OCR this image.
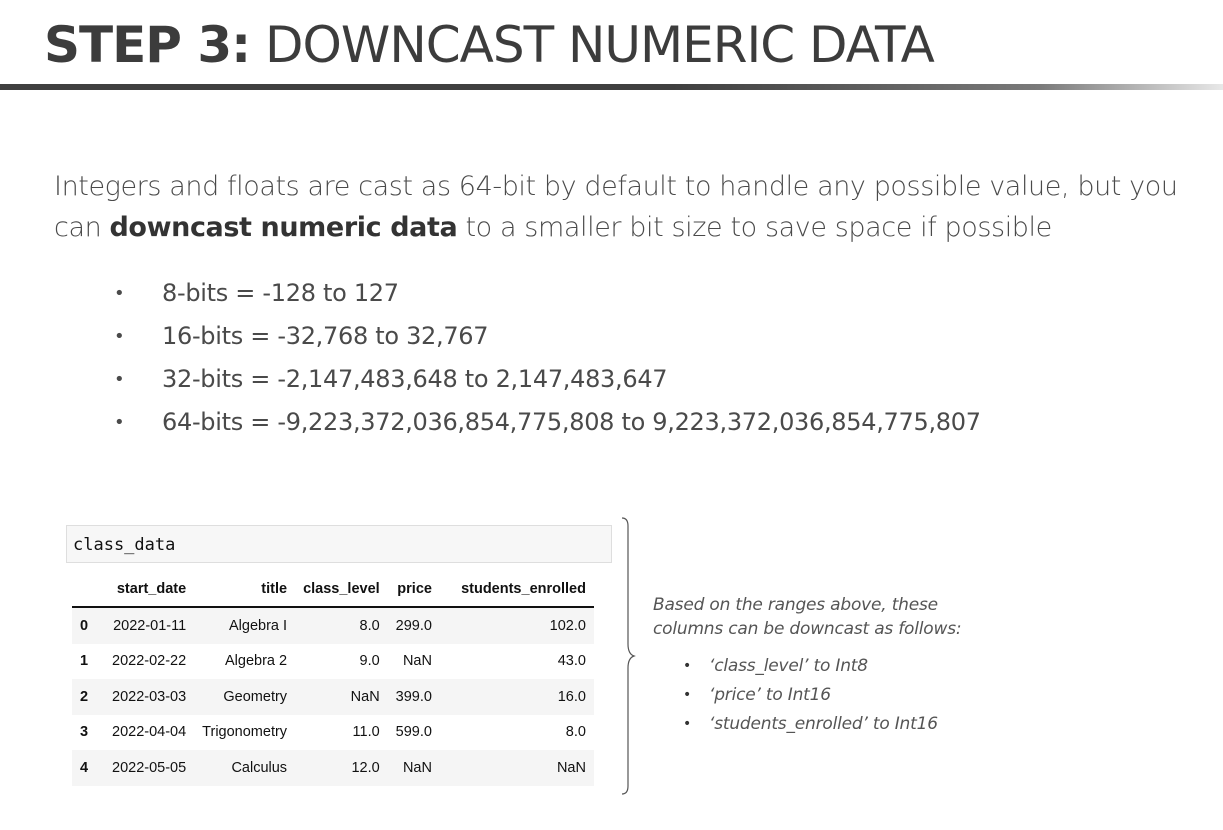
STEP 3: DOWNCAST NUMERIC DATA
Integers and floats are cast as 64-bit by default to handle any possible value, but you can downcast numeric data to a smaller bit size to save space if possible
• 8-bits = -128 to 127
• 16-bits = -32,768 to 32,767
• 32-bits = -2,147,483,648 to 2,147,483,647
• 64-bits = -9,223,372,036,854,775,808 to 9,223,372,036,854,775,807
class_data
	start_date	title	class_level	price	students_enrolled
0	2022-01-11	Algebra I	8.0	299.0	102.0
1	2022-02-22	Algebra 2	9.0	NaN	43.0
2	2022-03-03	Geometry	NaN	399.0	16.0
3	2022-04-04	Trigonometry	11.0	599.0	8.0
4	2022-05-05	Calculus	12.0	NaN	NaN
Based on the ranges above, these
columns can be downcast as follows:
• ‘class_level’ to Int8
• ‘price’ to Int16
• ‘students_enrolled’ to Int16
